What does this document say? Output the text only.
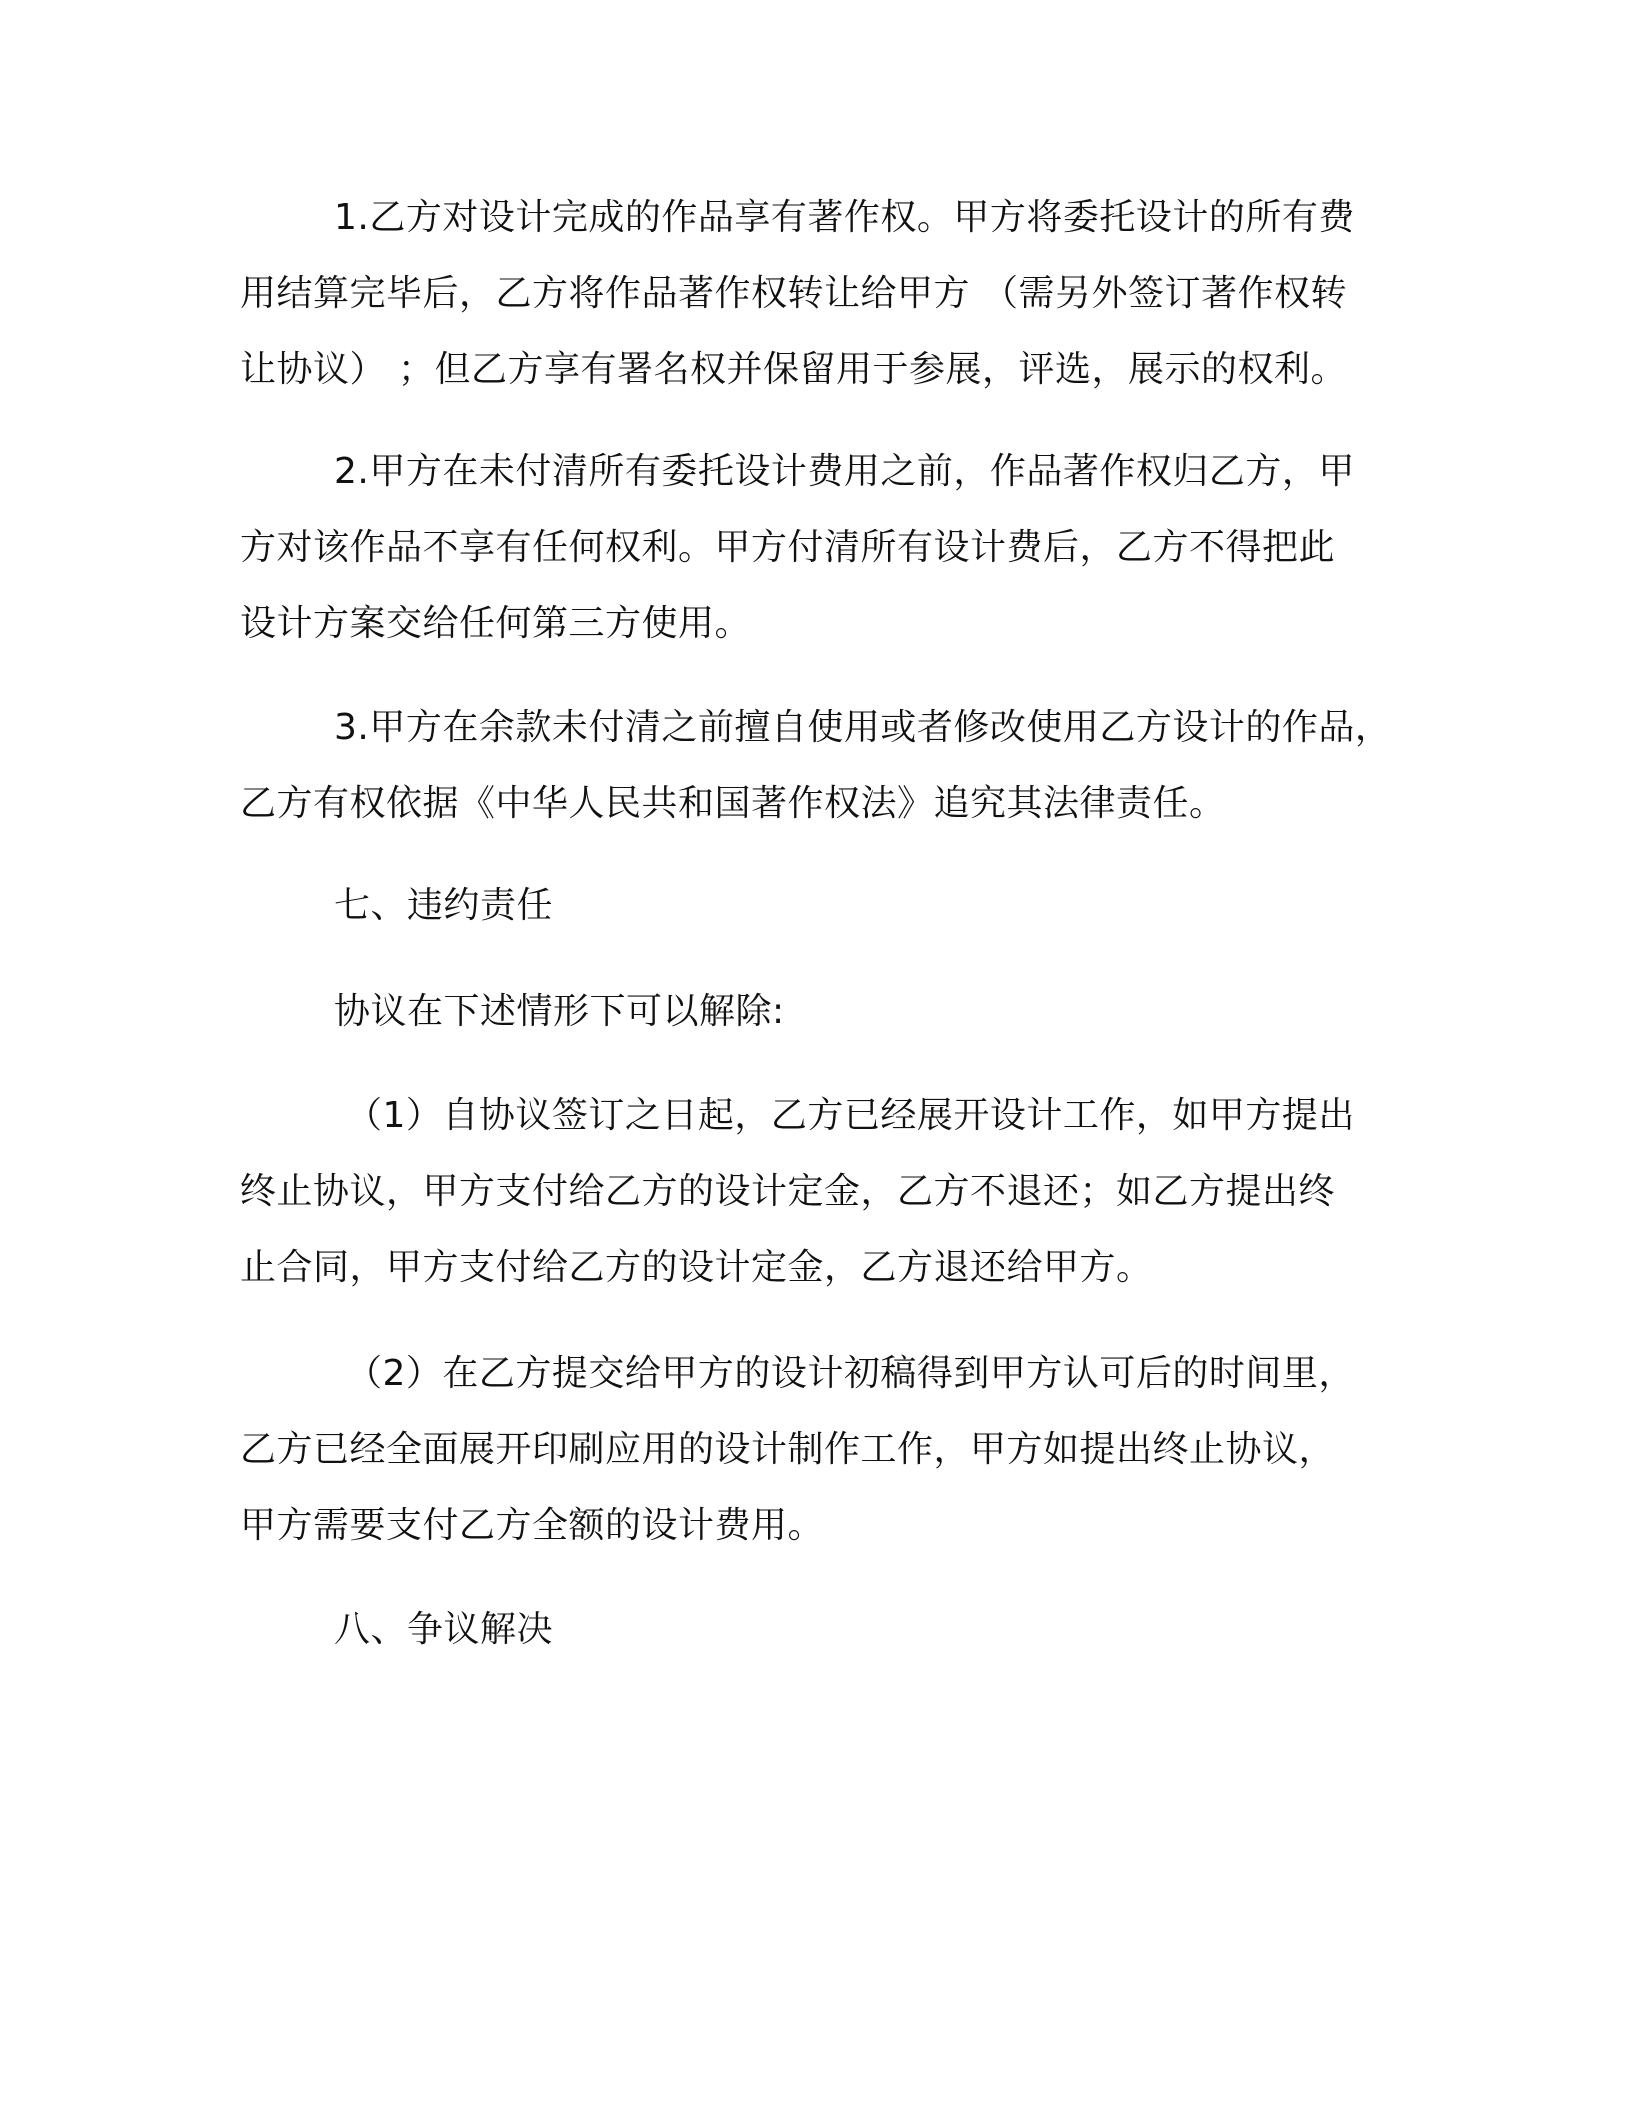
1.乙方对设计完成的作品享有著作权。甲方将委托设计的所有费
用结算完毕后，乙方将作品著作权转让给甲方 （需另外签订著作权转
让协议） ；但乙方享有署名权并保留用于参展，评选，展示的权利。
2.甲方在未付清所有委托设计费用之前，作品著作权归乙方，甲
方对该作品不享有任何权利。甲方付清所有设计费后，乙方不得把此
设计方案交给任何第三方使用。
3.甲方在余款未付清之前擅自使用或者修改使用乙方设计的作品，
乙方有权依据《中华人民共和国著作权法》追究其法律责任。
七、违约责任
协议在下述情形下可以解除:
（1）自协议签订之日起，乙方已经展开设计工作，如甲方提出
终止协议，甲方支付给乙方的设计定金，乙方不退还；如乙方提出终
止合同，甲方支付给乙方的设计定金，乙方退还给甲方。
（2）在乙方提交给甲方的设计初稿得到甲方认可后的时间里，
乙方已经全面展开印刷应用的设计制作工作，甲方如提出终止协议，
甲方需要支付乙方全额的设计费用。
八、争议解决
